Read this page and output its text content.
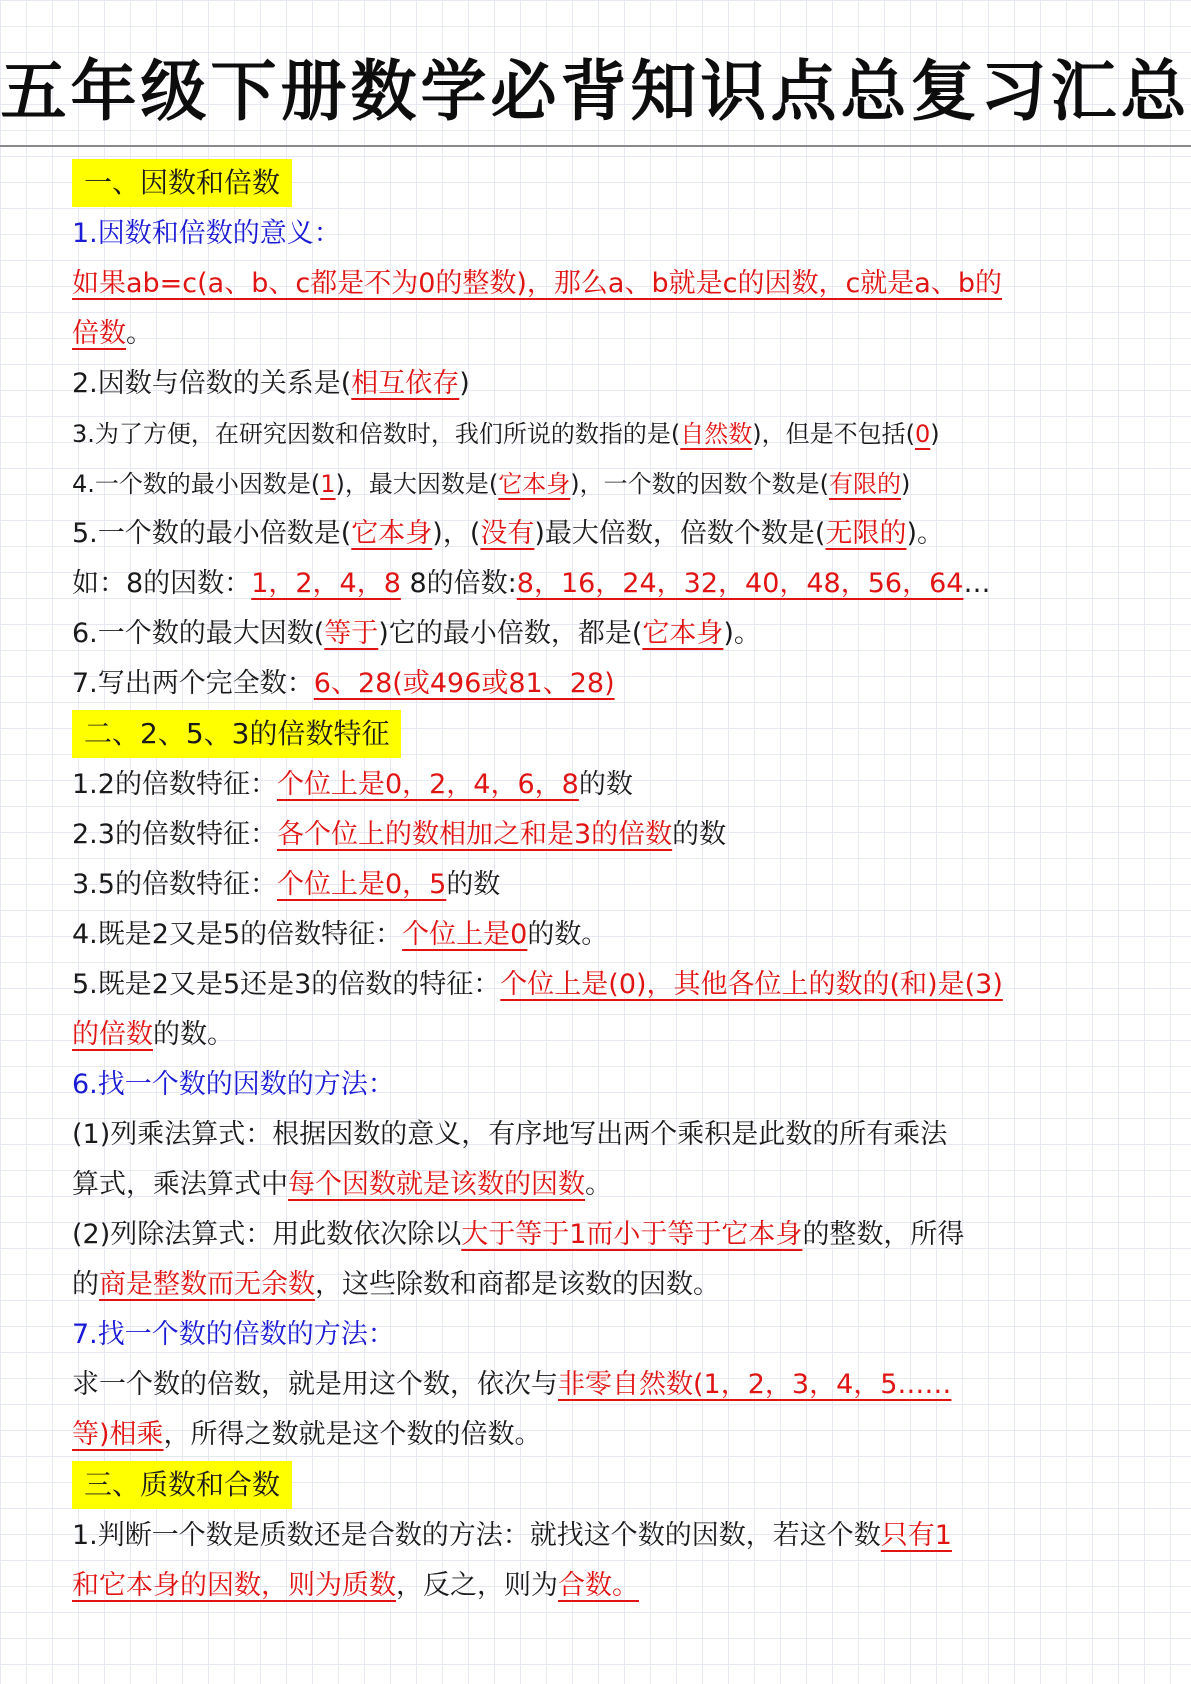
五年级下册数学必背知识点总复习汇总
一、因数和倍数
1.因数和倍数的意义：
如果ab=c(a、b、c都是不为0的整数)，那么a、b就是c的因数，c就是a、b的
倍数。
2.因数与倍数的关系是(相互依存)
3.为了方便，在研究因数和倍数时，我们所说的数指的是(自然数)，但是不包括(0)
4.一个数的最小因数是(1)，最大因数是(它本身)，一个数的因数个数是(有限的)
5.一个数的最小倍数是(它本身)，(没有)最大倍数，倍数个数是(无限的)。
如：8的因数：1，2，4，8 8的倍数:8，16，24，32，40，48，56，64…
6.一个数的最大因数(等于)它的最小倍数，都是(它本身)。
7.写出两个完全数：6、28(或496或81、28)
二、2、5、3的倍数特征
1.2的倍数特征：个位上是0，2，4，6，8的数
2.3的倍数特征：各个位上的数相加之和是3的倍数的数
3.5的倍数特征：个位上是0，5的数
4.既是2又是5的倍数特征：个位上是0的数。
5.既是2又是5还是3的倍数的特征：个位上是(0)，其他各位上的数的(和)是(3)
的倍数的数。
6.找一个数的因数的方法：
(1)列乘法算式：根据因数的意义，有序地写出两个乘积是此数的所有乘法
算式，乘法算式中每个因数就是该数的因数。
(2)列除法算式：用此数依次除以大于等于1而小于等于它本身的整数，所得
的商是整数而无余数，这些除数和商都是该数的因数。
7.找一个数的倍数的方法：
求一个数的倍数，就是用这个数，依次与非零自然数(1，2，3，4，5……
等)相乘，所得之数就是这个数的倍数。
三、质数和合数
1.判断一个数是质数还是合数的方法：就找这个数的因数，若这个数只有1
和它本身的因数，则为质数，反之，则为合数。
